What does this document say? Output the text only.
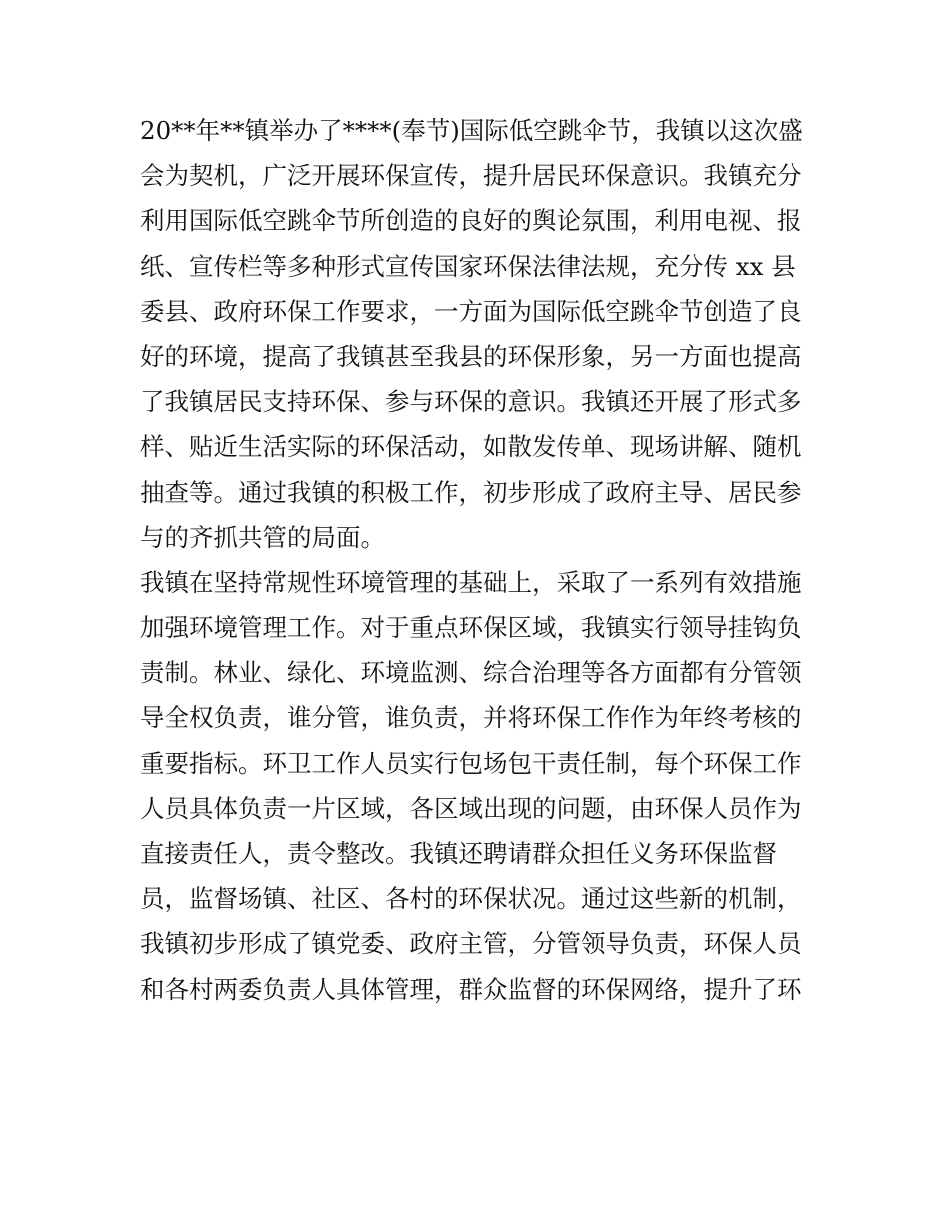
20**年**镇举办了****(奉节)国际低空跳伞节，我镇以这次盛
会为契机，广泛开展环保宣传，提升居民环保意识。我镇充分
利用国际低空跳伞节所创造的良好的舆论氛围，利用电视、报
纸、宣传栏等多种形式宣传国家环保法律法规，充分传 xx 县
委县、政府环保工作要求，一方面为国际低空跳伞节创造了良
好的环境，提高了我镇甚至我县的环保形象，另一方面也提高
了我镇居民支持环保、参与环保的意识。我镇还开展了形式多
样、贴近生活实际的环保活动，如散发传单、现场讲解、随机
抽查等。通过我镇的积极工作，初步形成了政府主导、居民参
与的齐抓共管的局面。
我镇在坚持常规性环境管理的基础上，采取了一系列有效措施
加强环境管理工作。对于重点环保区域，我镇实行领导挂钩负
责制。林业、绿化、环境监测、综合治理等各方面都有分管领
导全权负责，谁分管，谁负责，并将环保工作作为年终考核的
重要指标。环卫工作人员实行包场包干责任制，每个环保工作
人员具体负责一片区域，各区域出现的问题，由环保人员作为
直接责任人，责令整改。我镇还聘请群众担任义务环保监督
员，监督场镇、社区、各村的环保状况。通过这些新的机制，
我镇初步形成了镇党委、政府主管，分管领导负责，环保人员
和各村两委负责人具体管理，群众监督的环保网络，提升了环
